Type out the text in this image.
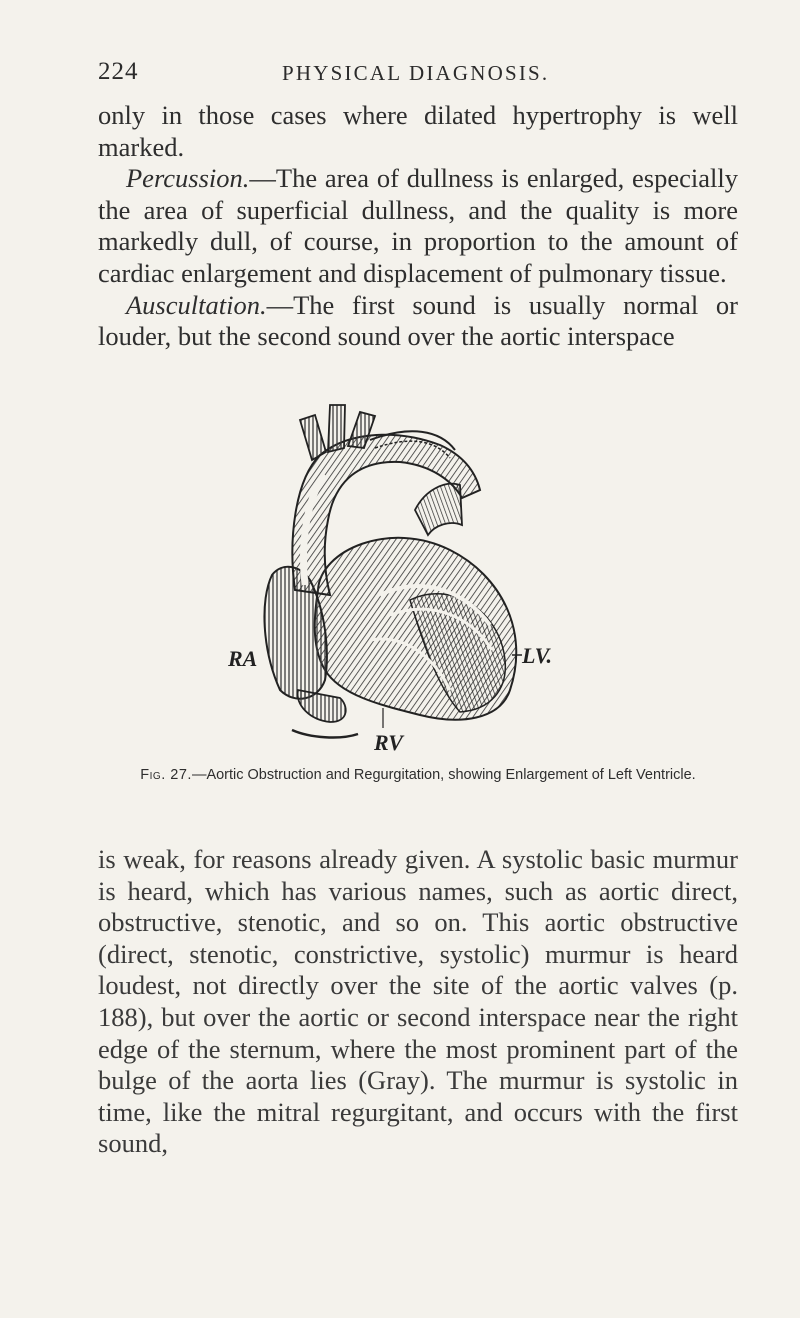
224	PHYSICAL DIAGNOSIS.

only in those cases where dilated hypertrophy is well marked.

Percussion.—The area of dullness is enlarged, especially the area of superficial dullness, and the quality is more markedly dull, of course, in proportion to the amount of cardiac enlargement and displacement of pulmonary tissue.

Auscultation.—The first sound is usually normal or louder, but the second sound over the aortic interspace

RA	LV.
RV
Fig. 27.—Aortic Obstruction and Regurgitation, showing Enlargement of Left Ventricle.

is weak, for reasons already given. A systolic basic murmur is heard, which has various names, such as aortic direct, obstructive, stenotic, and so on. This aortic obstructive (direct, stenotic, constrictive, systolic) murmur is heard loudest, not directly over the site of the aortic valves (p. 188), but over the aortic or second interspace near the right edge of the sternum, where the most prominent part of the bulge of the aorta lies (Gray). The murmur is systolic in time, like the mitral regurgitant, and occurs with the first sound,
